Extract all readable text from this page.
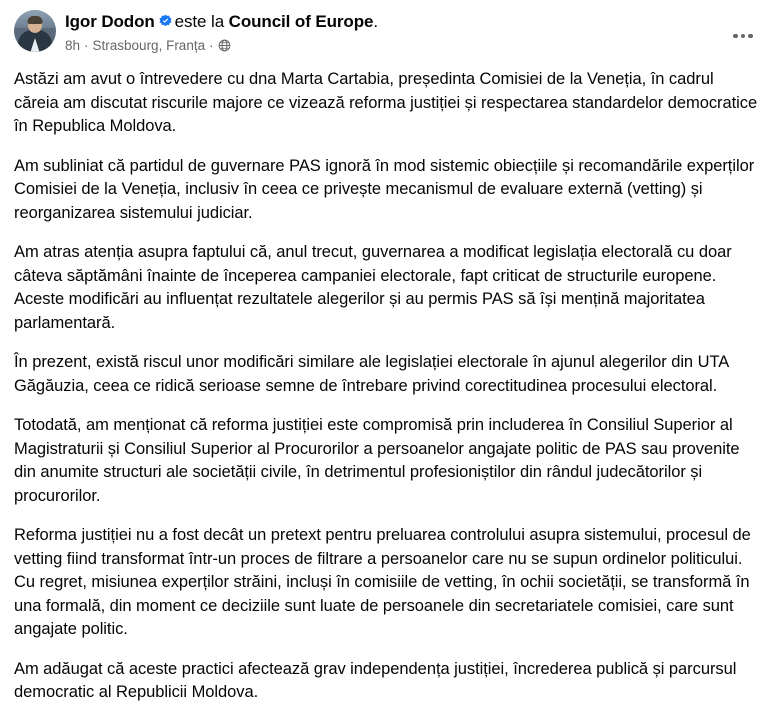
Igor Dodon este la Council of Europe.
8h · Strasbourg, Franța ·

Astăzi am avut o întrevedere cu dna Marta Cartabia, președinta Comisiei de la Veneția, în cadrul căreia am discutat riscurile majore ce vizează reforma justiției și respectarea standardelor democratice în Republica Moldova.

Am subliniat că partidul de guvernare PAS ignoră în mod sistemic obiecțiile și recomandările experților Comisiei de la Veneția, inclusiv în ceea ce privește mecanismul de evaluare externă (vetting) și reorganizarea sistemului judiciar.

Am atras atenția asupra faptului că, anul trecut, guvernarea a modificat legislația electorală cu doar câteva săptămâni înainte de începerea campaniei electorale, fapt criticat de structurile europene. Aceste modificări au influențat rezultatele alegerilor și au permis PAS să își mențină majoritatea parlamentară.

În prezent, există riscul unor modificări similare ale legislației electorale în ajunul alegerilor din UTA Găgăuzia, ceea ce ridică serioase semne de întrebare privind corectitudinea procesului electoral.

Totodată, am menționat că reforma justiției este compromisă prin includerea în Consiliul Superior al Magistraturii și Consiliul Superior al Procurorilor a persoanelor angajate politic de PAS sau provenite din anumite structuri ale societății civile, în detrimentul profesioniștilor din rândul judecătorilor și procurorilor.

Reforma justiției nu a fost decât un pretext pentru preluarea controlului asupra sistemului, procesul de vetting fiind transformat într-un proces de filtrare a persoanelor care nu se supun ordinelor politicului. Cu regret, misiunea experților străini, incluși în comisiile de vetting, în ochii societății, se transformă în una formală, din moment ce deciziile sunt luate de persoanele din secretariatele comisiei, care sunt angajate politic.

Am adăugat că aceste practici afectează grav independența justiției, încrederea publică și parcursul democratic al Republicii Moldova.
